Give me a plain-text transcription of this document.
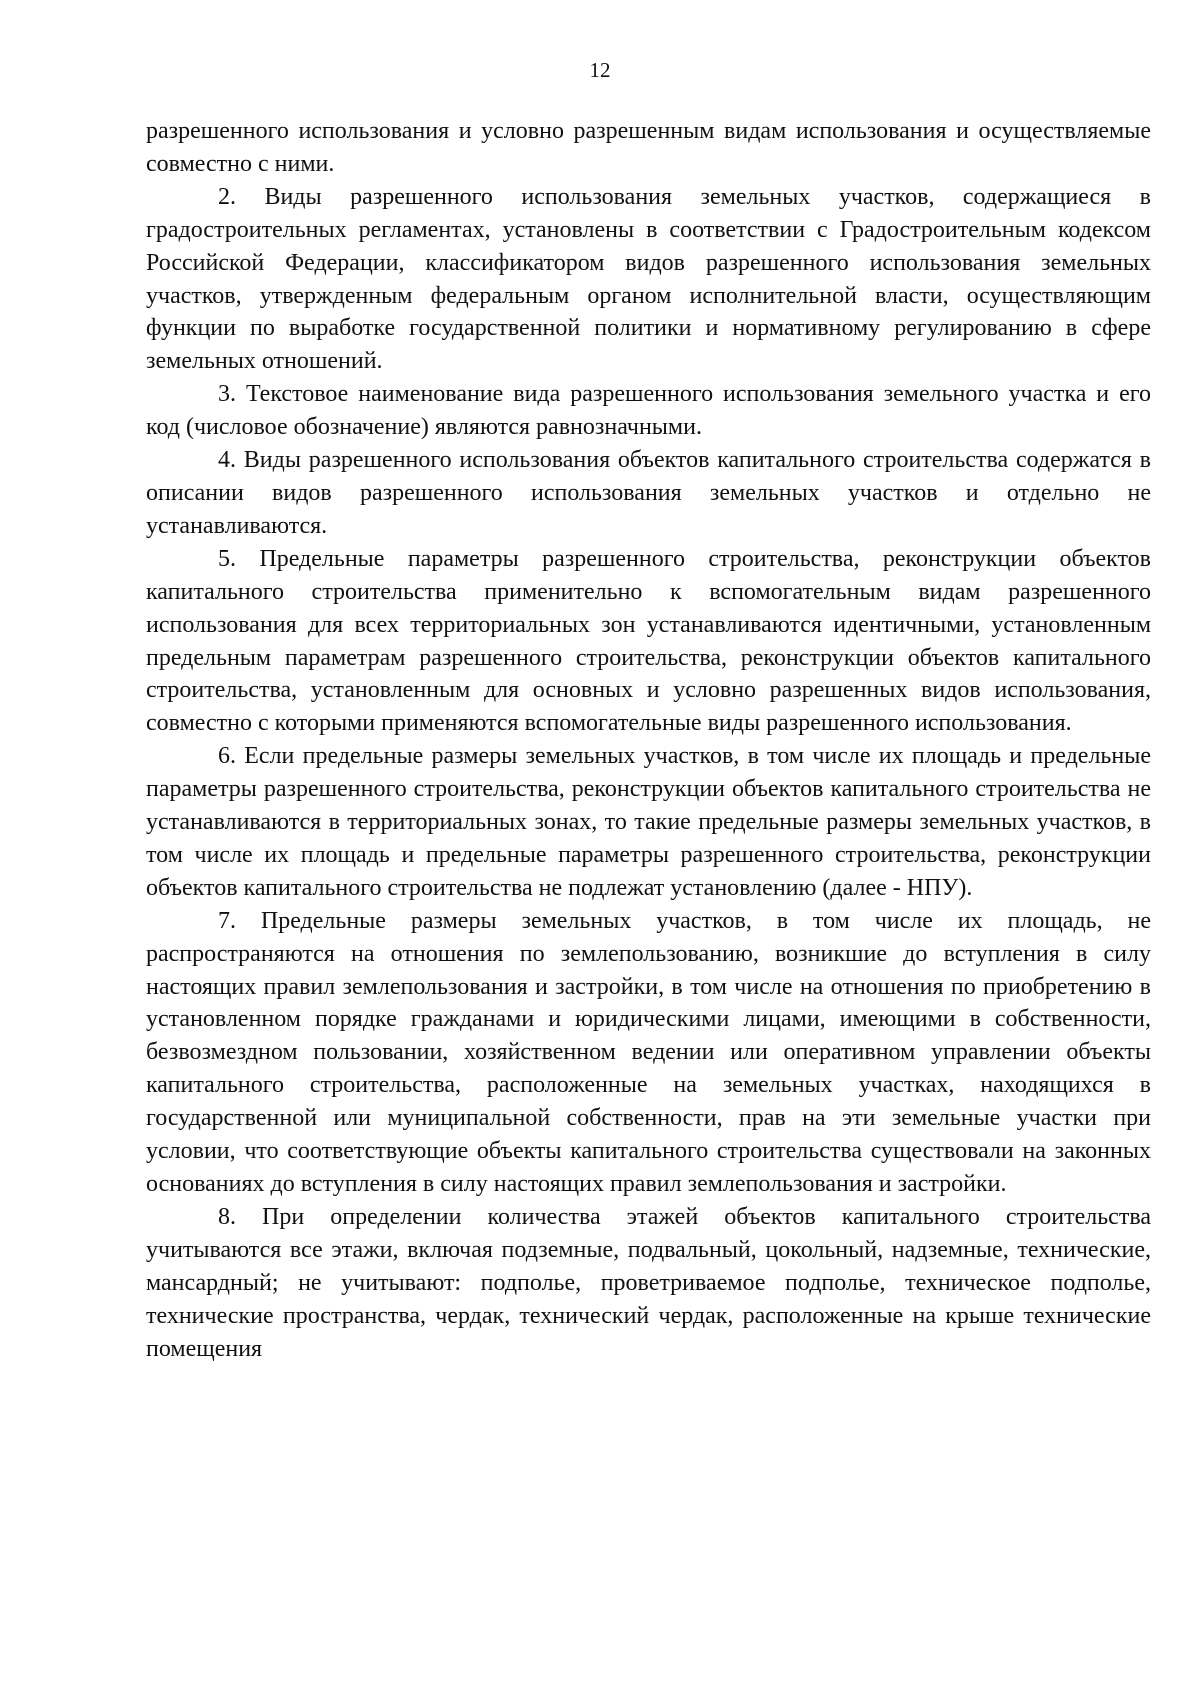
12

разрешенного использования и условно разрешенным видам использования и осуществляемые совместно с ними.

2. Виды разрешенного использования земельных участков, содержащиеся в градостроительных регламентах, установлены в соответствии с Градостроительным кодексом Российской Федерации, классификатором видов разрешенного использования земельных участков, утвержденным федеральным органом исполнительной власти, осуществляющим функции по выработке государственной политики и нормативному регулированию в сфере земельных отношений.

3. Текстовое наименование вида разрешенного использования земельного участка и его код (числовое обозначение) являются равнозначными.

4. Виды разрешенного использования объектов капитального строительства содержатся в описании видов разрешенного использования земельных участков и отдельно не устанавливаются.

5. Предельные параметры разрешенного строительства, реконструкции объектов капитального строительства применительно к вспомогательным видам разрешенного использования для всех территориальных зон устанавливаются идентичными, установленным предельным параметрам разрешенного строительства, реконструкции объектов капитального строительства, установленным для основных и условно разрешенных видов использования, совместно с которыми применяются вспомогательные виды разрешенного использования.

6. Если предельные размеры земельных участков, в том числе их площадь и предельные параметры разрешенного строительства, реконструкции объектов капитального строительства не устанавливаются в территориальных зонах, то такие предельные размеры земельных участков, в том числе их площадь и предельные параметры разрешенного строительства, реконструкции объектов капитального строительства не подлежат установлению (далее - НПУ).

7. Предельные размеры земельных участков, в том числе их площадь, не распространяются на отношения по землепользованию, возникшие до вступления в силу настоящих правил землепользования и застройки, в том числе на отношения по приобретению в установленном порядке гражданами и юридическими лицами, имеющими в собственности, безвозмездном пользовании, хозяйственном ведении или оперативном управлении объекты капитального строительства, расположенные на земельных участках, находящихся в государственной или муниципальной собственности, прав на эти земельные участки при условии, что соответствующие объекты капитального строительства существовали на законных основаниях до вступления в силу настоящих правил землепользования и застройки.

8. При определении количества этажей объектов капитального строительства учитываются все этажи, включая подземные, подвальный, цокольный, надземные, технические, мансардный; не учитывают: подполье, проветриваемое подполье, техническое подполье, технические пространства, чердак, технический чердак, расположенные на крыше технические помещения
